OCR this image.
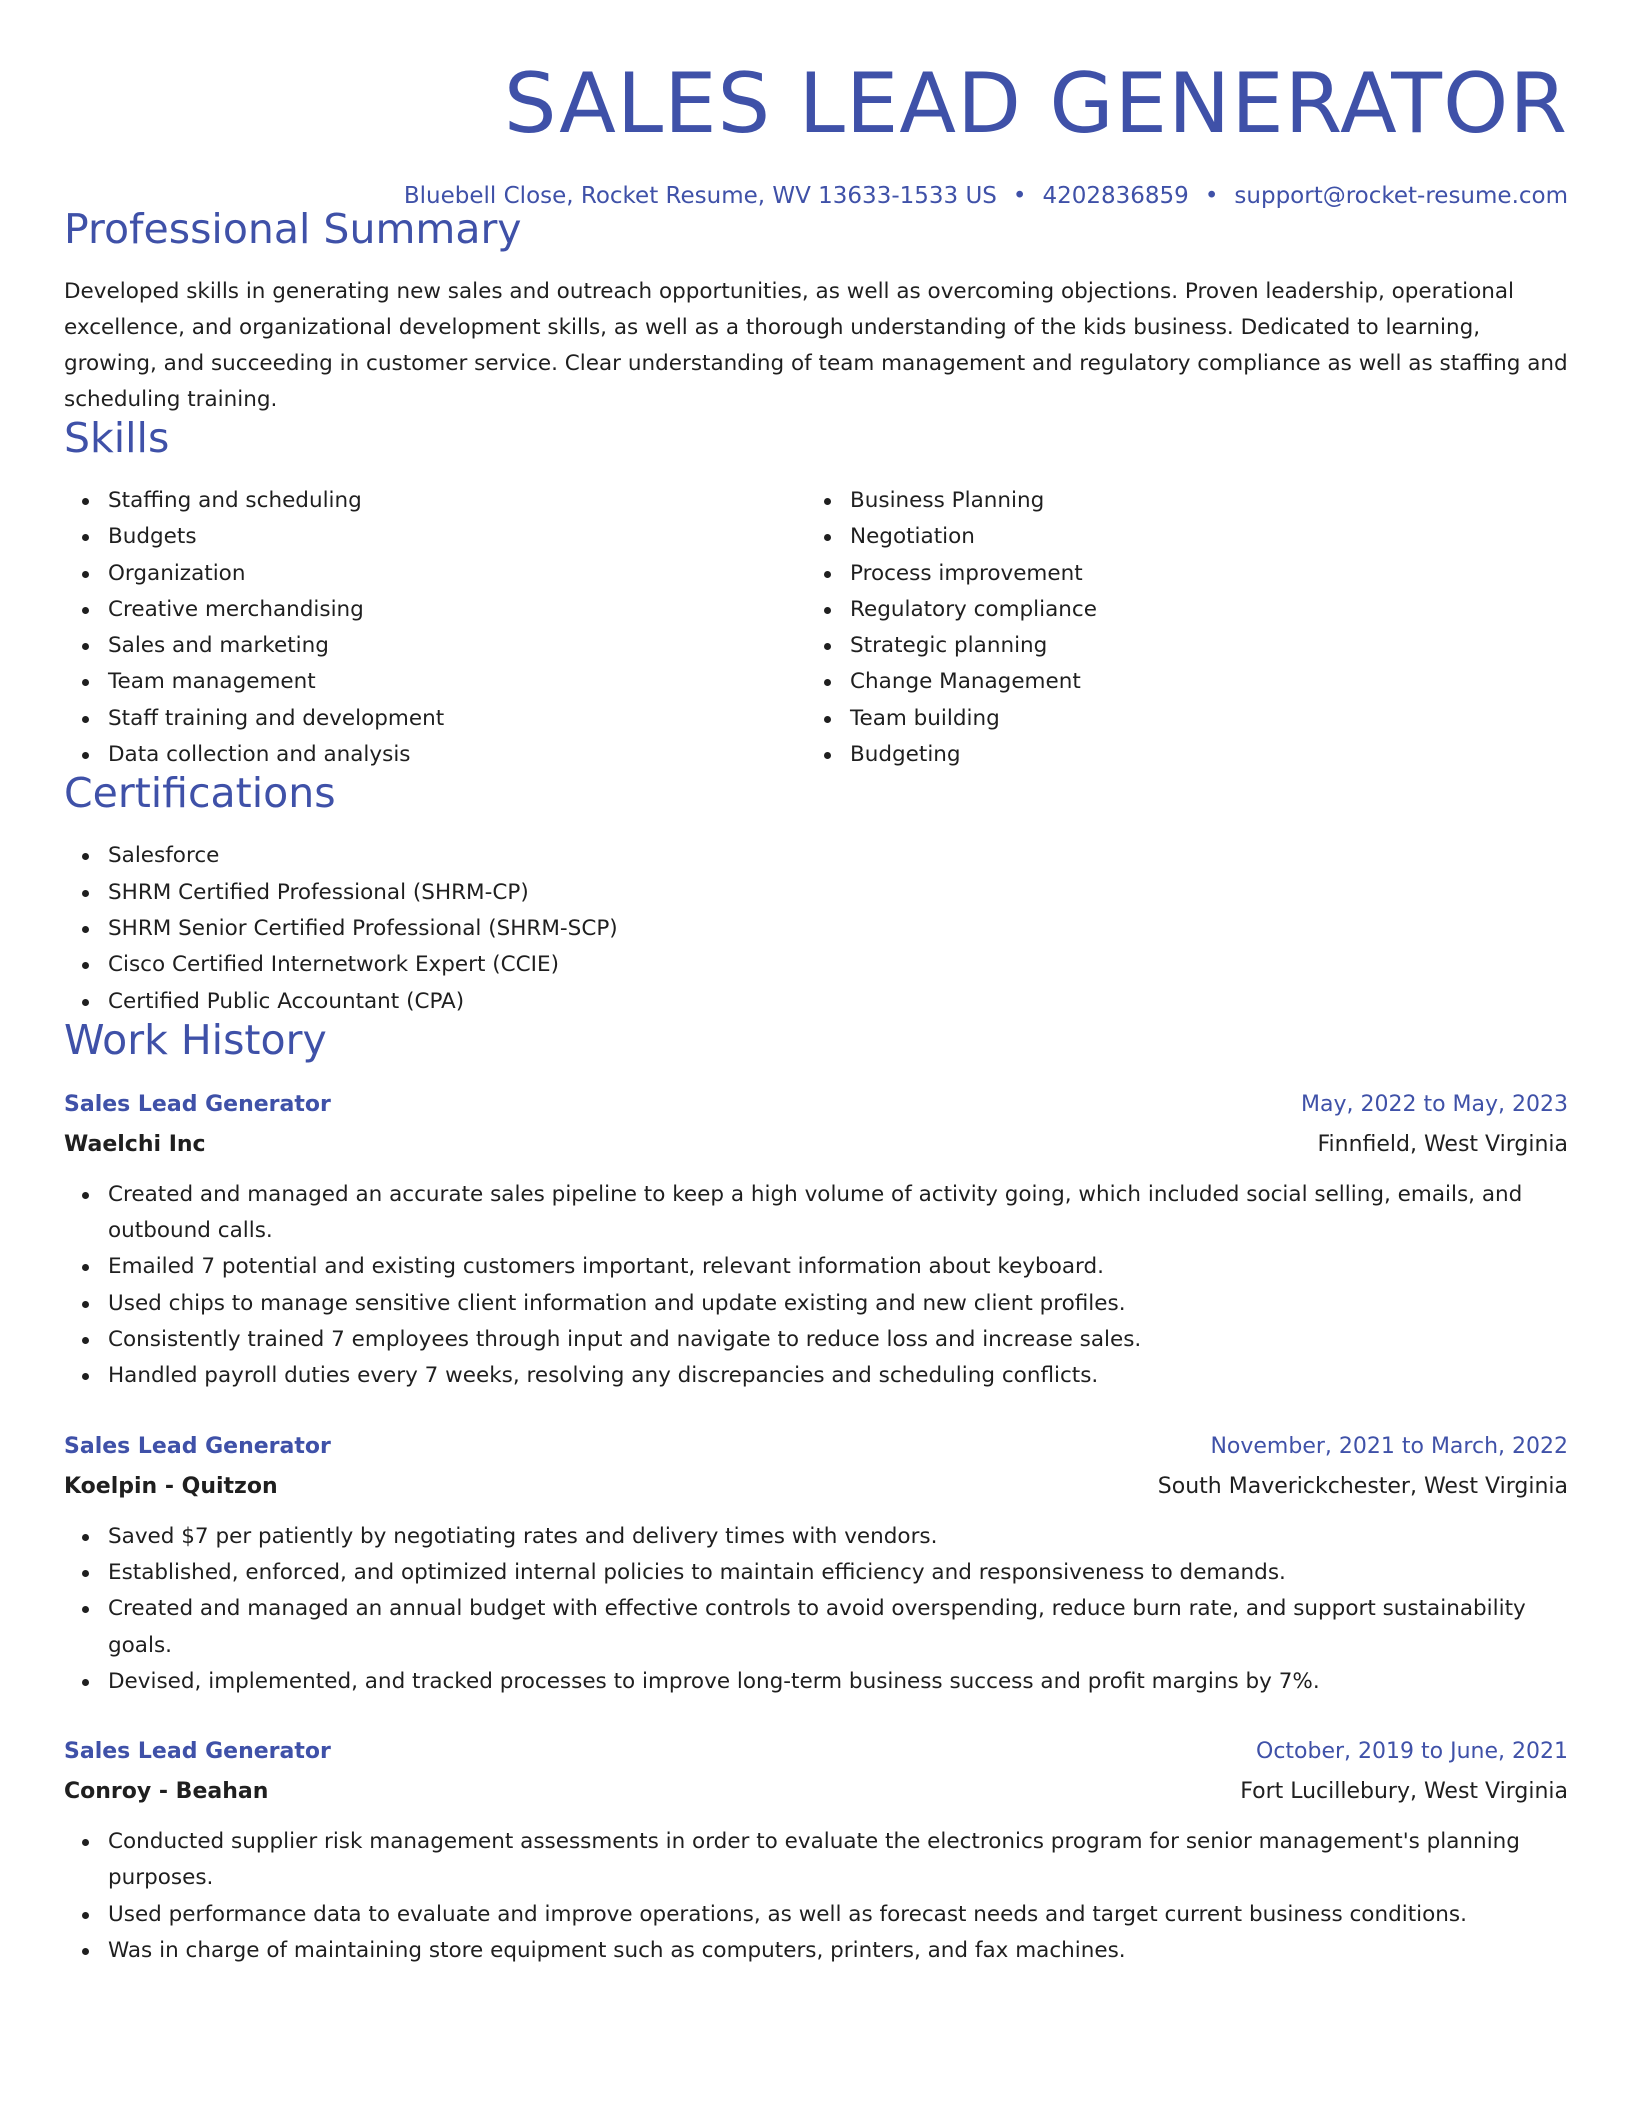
SALES LEAD GENERATOR
Bluebell Close, Rocket Resume, WV 13633-1533 US • 4202836859 • support@rocket-resume.com
Professional Summary

Developed skills in generating new sales and outreach opportunities, as well as overcoming objections. Proven leadership, operational excellence, and organizational development skills, as well as a thorough understanding of the kids business. Dedicated to learning, growing, and succeeding in customer service. Clear understanding of team management and regulatory compliance as well as staffing and scheduling training.

Skills
Staffing and scheduling
Budgets
Organization
Creative merchandising
Sales and marketing
Team management
Staff training and development
Data collection and analysis
Business Planning
Negotiation
Process improvement
Regulatory compliance
Strategic planning
Change Management
Team building
Budgeting
Certifications
Salesforce
SHRM Certified Professional (SHRM-CP)
SHRM Senior Certified Professional (SHRM-SCP)
Cisco Certified Internetwork Expert (CCIE)
Certified Public Accountant (CPA)
Work History
Sales Lead Generator	May, 2022 to May, 2023
Waelchi Inc	Finnfield, West Virginia
Created and managed an accurate sales pipeline to keep a high volume of activity going, which included social selling, emails, and outbound calls.
Emailed 7 potential and existing customers important, relevant information about keyboard.
Used chips to manage sensitive client information and update existing and new client profiles.
Consistently trained 7 employees through input and navigate to reduce loss and increase sales.
Handled payroll duties every 7 weeks, resolving any discrepancies and scheduling conflicts.
Sales Lead Generator	November, 2021 to March, 2022
Koelpin - Quitzon	South Maverickchester, West Virginia
Saved $7 per patiently by negotiating rates and delivery times with vendors.
Established, enforced, and optimized internal policies to maintain efficiency and responsiveness to demands.
Created and managed an annual budget with effective controls to avoid overspending, reduce burn rate, and support sustainability goals.
Devised, implemented, and tracked processes to improve long-term business success and profit margins by 7%.
Sales Lead Generator	October, 2019 to June, 2021
Conroy - Beahan	Fort Lucillebury, West Virginia
Conducted supplier risk management assessments in order to evaluate the electronics program for senior management's planning purposes.
Used performance data to evaluate and improve operations, as well as forecast needs and target current business conditions.
Was in charge of maintaining store equipment such as computers, printers, and fax machines.
